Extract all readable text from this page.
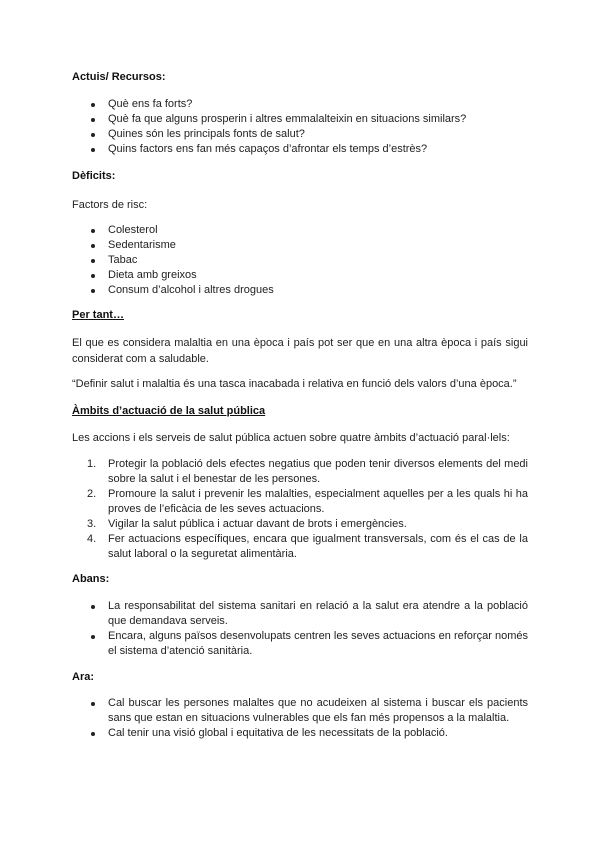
Actuis/ Recursos:
Què ens fa forts?
Què fa que alguns prosperin i altres emmalalteixin en situacions similars?
Quines són les principals fonts de salut?
Quins factors ens fan més capaços d’afrontar els temps d’estrès?
Dèficits:
Factors de risc:
Colesterol
Sedentarisme
Tabac
Dieta amb greixos
Consum d’alcohol i altres drogues
Per tant…
El que es considera malaltia en una època i país pot ser que en una altra època i país sigui considerat com a saludable.
“Definir salut i malaltia és una tasca inacabada i relativa en funció dels valors d’una època.”
Àmbits d’actuació de la salut pública
Les accions i els serveis de salut pública actuen sobre quatre àmbits d’actuació paral·lels:
1. Protegir la població dels efectes negatius que poden tenir diversos elements del medi sobre la salut i el benestar de les persones.
2. Promoure la salut i prevenir les malalties, especialment aquelles per a les quals hi ha proves de l’eficàcia de les seves actuacions.
3. Vigilar la salut pública i actuar davant de brots i emergències.
4. Fer actuacions específiques, encara que igualment transversals, com és el cas de la salut laboral o la seguretat alimentària.
Abans:
La responsabilitat del sistema sanitari en relació a la salut era atendre a la població que demandava serveis.
Encara, alguns països desenvolupats centren les seves actuacions en reforçar només el sistema d’atenció sanitària.
Ara:
Cal buscar les persones malaltes que no acudeixen al sistema i buscar els pacients sans que estan en situacions vulnerables que els fan més propensos a la malaltia.
Cal tenir una visió global i equitativa de les necessitats de la població.
